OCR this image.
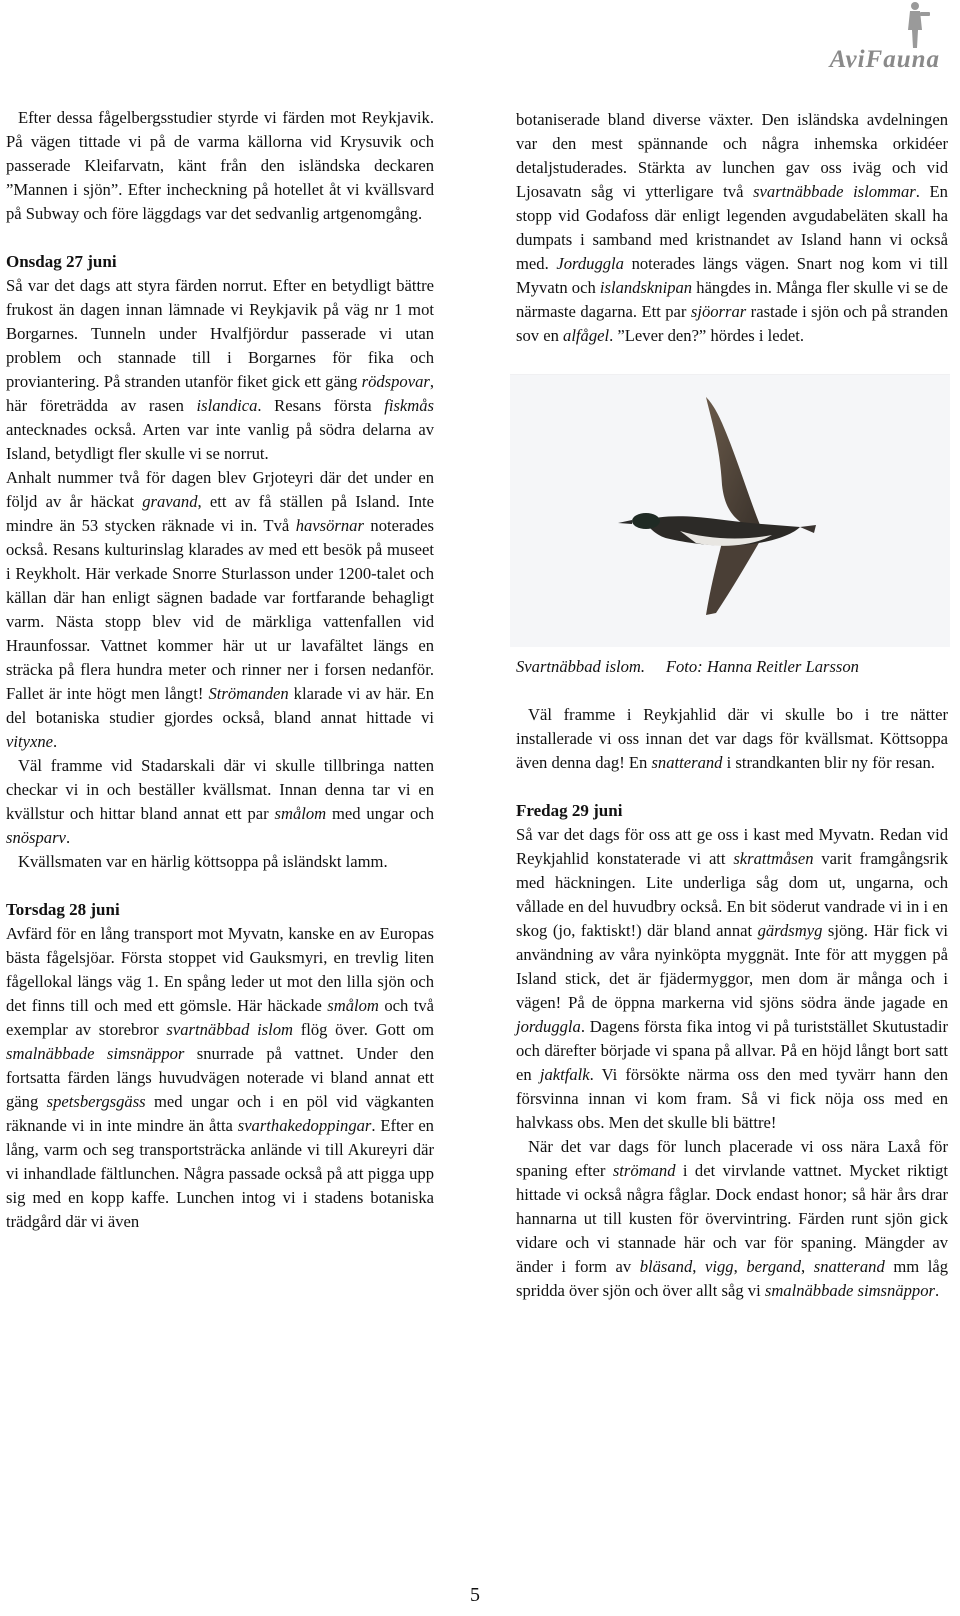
AviFauna

Efter dessa fågelbergsstudier styrde vi färden mot Reykjavik. På vägen tittade vi på de varma källorna vid Krysuvik och passerade Kleifarvatn, känt från den isländska deckaren ”Mannen i sjön”. Efter incheckning på hotellet åt vi kvällsvard på Subway och före läggdags var det sedvanlig artgenomgång.

Onsdag 27 juni

Så var det dags att styra färden norrut. Efter en betydligt bättre frukost än dagen innan lämnade vi Reykjavik på väg nr 1 mot Borgarnes. Tunneln under Hvalfjördur passerade vi utan problem och stannade till i Borgarnes för fika och proviantering. På stranden utanför fiket gick ett gäng rödspovar, här företrädda av rasen islandica. Resans första fiskmås antecknades också. Arten var inte vanlig på södra delarna av Island, betydligt fler skulle vi se norrut.

Anhalt nummer två för dagen blev Grjoteyri där det under en följd av år häckat gravand, ett av få ställen på Island. Inte mindre än 53 stycken räknade vi in. Två havsörnar noterades också. Resans kulturinslag klarades av med ett besök på museet i Reykholt. Här verkade Snorre Sturlasson under 1200-talet och källan där han enligt sägnen badade var fortfarande behagligt varm. Nästa stopp blev vid de märkliga vattenfallen vid Hraunfossar. Vattnet kommer här ut ur lavafältet längs en sträcka på flera hundra meter och rinner ner i forsen nedanför. Fallet är inte högt men långt! Strömanden klarade vi av här. En del botaniska studier gjordes också, bland annat hittade vi vityxne.

Väl framme vid Stadarskali där vi skulle tillbringa natten checkar vi in och beställer kvällsmat. Innan denna tar vi en kvällstur och hittar bland annat ett par smålom med ungar och snösparv.

Kvällsmaten var en härlig köttsoppa på isländskt lamm.

Torsdag 28 juni

Avfärd för en lång transport mot Myvatn, kanske en av Europas bästa fågelsjöar. Första stoppet vid Gauksmyri, en trevlig liten fågellokal längs väg 1. En spång leder ut mot den lilla sjön och det finns till och med ett gömsle. Här häckade smålom och två exemplar av storebror svartnäbbad islom flög över. Gott om smalnäbbade simsnäppor snurrade på vattnet. Under den fortsatta färden längs huvudvägen noterade vi bland annat ett gäng spetsbergsgäss med ungar och i en pöl vid vägkanten räknande vi in inte mindre än åtta svarthakedoppingar. Efter en lång, varm och seg transportsträcka anlände vi till Akureyri där vi inhandlade fältlunchen. Några passade också på att pigga upp sig med en kopp kaffe. Lunchen intog vi i stadens botaniska trädgård där vi även

botaniserade bland diverse växter. Den isländska avdelningen var den mest spännande och några inhemska orkidéer detaljstuderades. Stärkta av lunchen gav oss iväg och vid Ljosavatn såg vi ytterligare två svartnäbbade islommar. En stopp vid Godafoss där enligt legenden avgudabeläten skall ha dumpats i samband med kristnandet av Island hann vi också med. Jorduggla noterades längs vägen. Snart nog kom vi till Myvatn och islandsknipan hängdes in. Många fler skulle vi se de närmaste dagarna. Ett par sjöorrar rastade i sjön och på stranden sov en alfågel. ”Lever den?” hördes i ledet.

Svartnäbbad islom. Foto: Hanna Reitler Larsson

Väl framme i Reykjahlid där vi skulle bo i tre nätter installerade vi oss innan det var dags för kvällsmat. Köttsoppa även denna dag! En snatterand i strandkanten blir ny för resan.

Fredag 29 juni

Så var det dags för oss att ge oss i kast med Myvatn. Redan vid Reykjahlid konstaterade vi att skrattmåsen varit framgångsrik med häckningen. Lite underliga såg dom ut, ungarna, och vållade en del huvudbry också. En bit söderut vandrade vi in i en skog (jo, faktiskt!) där bland annat gärdsmyg sjöng. Här fick vi användning av våra nyinköpta myggnät. Inte för att myggen på Island stick, det är fjädermyggor, men dom är många och i vägen! På de öppna markerna vid sjöns södra ände jagade en jorduggla. Dagens första fika intog vi på turiststället Skutustadir och därefter började vi spana på allvar. På en höjd långt bort satt en jaktfalk. Vi försökte närma oss den med tyvärr hann den försvinna innan vi kom fram. Så vi fick nöja oss med en halvkass obs. Men det skulle bli bättre!

När det var dags för lunch placerade vi oss nära Laxå för spaning efter strömand i det virvlande vattnet. Mycket riktigt hittade vi också några fåglar. Dock endast honor; så här års drar hannarna ut till kusten för övervintring. Färden runt sjön gick vidare och vi stannade här och var för spaning. Mängder av änder i form av bläsand, vigg, bergand, snatterand mm låg spridda över sjön och över allt såg vi smalnäbbade simsnäppor.

5
